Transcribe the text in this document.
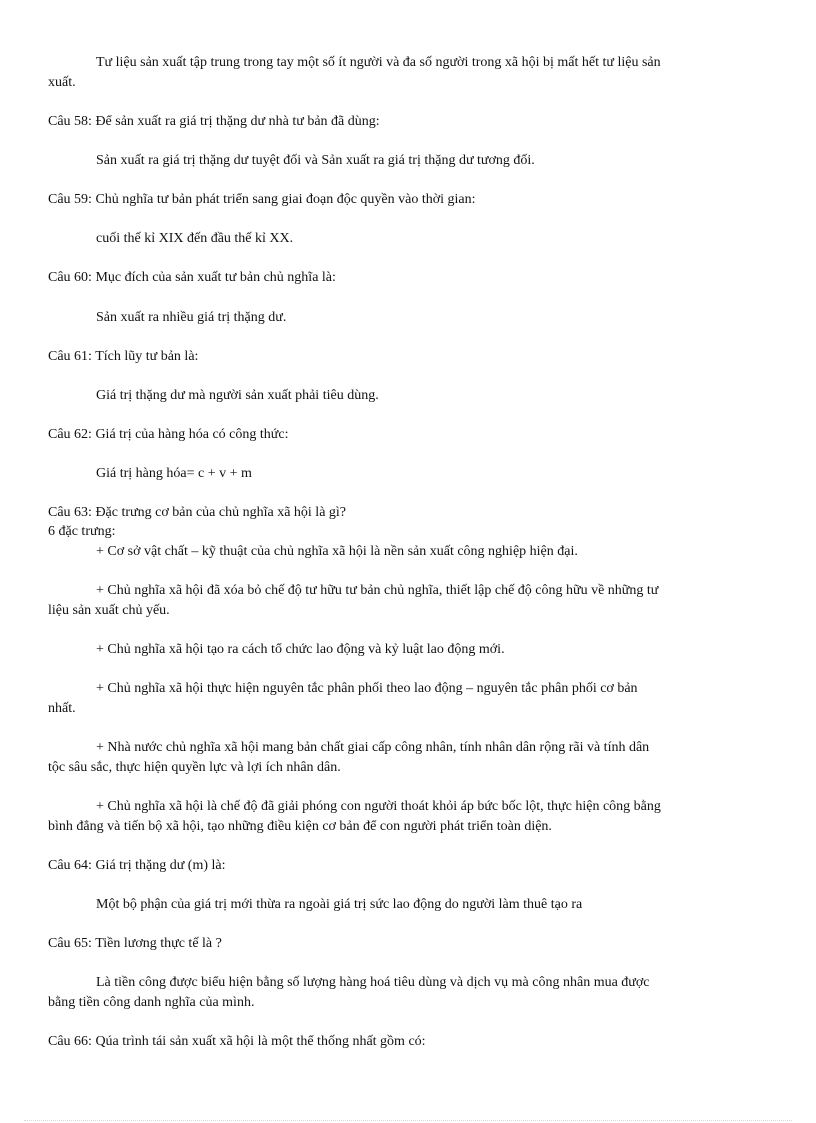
Tư liệu sản xuất tập trung trong tay một số ít người và đa số người trong xã hội bị mất hết tư liệu sản
xuất.
Câu 58: Để sản xuất ra giá trị thặng dư nhà tư bản đã dùng:
Sản xuất ra giá trị thặng dư tuyệt đối và Sản xuất ra giá trị thặng dư tương đối.
Câu 59: Chủ nghĩa tư bản phát triển sang giai đoạn độc quyền vào thời gian:
cuối thế kỉ XIX đến đầu thế kỉ XX.
Câu 60: Mục đích của sản xuất tư bản chủ nghĩa là:
Sản xuất ra nhiều giá trị thặng dư.
Câu 61: Tích lũy tư bản là:
Giá trị thặng dư mà người sản xuất phải tiêu dùng.
Câu 62: Giá trị của hàng hóa có công thức:
Giá trị hàng hóa= c + v + m
Câu 63: Đặc trưng cơ bản của chủ nghĩa xã hội là gì?
6 đặc trưng:
+ Cơ sở vật chất – kỹ thuật của chủ nghĩa xã hội là nền sản xuất công nghiệp hiện đại.
+ Chủ nghĩa xã hội đã xóa bỏ chế độ tư hữu tư bản chủ nghĩa, thiết lập chế độ công hữu về những tư
liệu sản xuất chủ yếu.
+ Chủ nghĩa xã hội tạo ra cách tổ chức lao động và kỷ luật lao động mới.
+ Chủ nghĩa xã hội thực hiện nguyên tắc phân phối theo lao động – nguyên tắc phân phối cơ bản
nhất.
+ Nhà nước chủ nghĩa xã hội mang bản chất giai cấp công nhân, tính nhân dân rộng rãi và tính dân
tộc sâu sắc, thực hiện quyền lực và lợi ích nhân dân.
+ Chủ nghĩa xã hội là chế độ đã giải phóng con người thoát khỏi áp bức bốc lột, thực hiện công bằng
bình đẳng và tiến bộ xã hội, tạo những điều kiện cơ bản để con người phát triển toàn diện.
Câu 64: Giá trị thặng dư (m) là:
Một bộ phận của giá trị mới thừa ra ngoài giá trị sức lao động do người làm thuê tạo ra
Câu 65: Tiền lương thực tế là ?
Là tiền công được biểu hiện bằng số lượng hàng hoá tiêu dùng và dịch vụ mà công nhân mua được
bằng tiền công danh nghĩa của mình.
Câu 66: Qúa trình tái sản xuất xã hội là một thể thống nhất gồm có:
